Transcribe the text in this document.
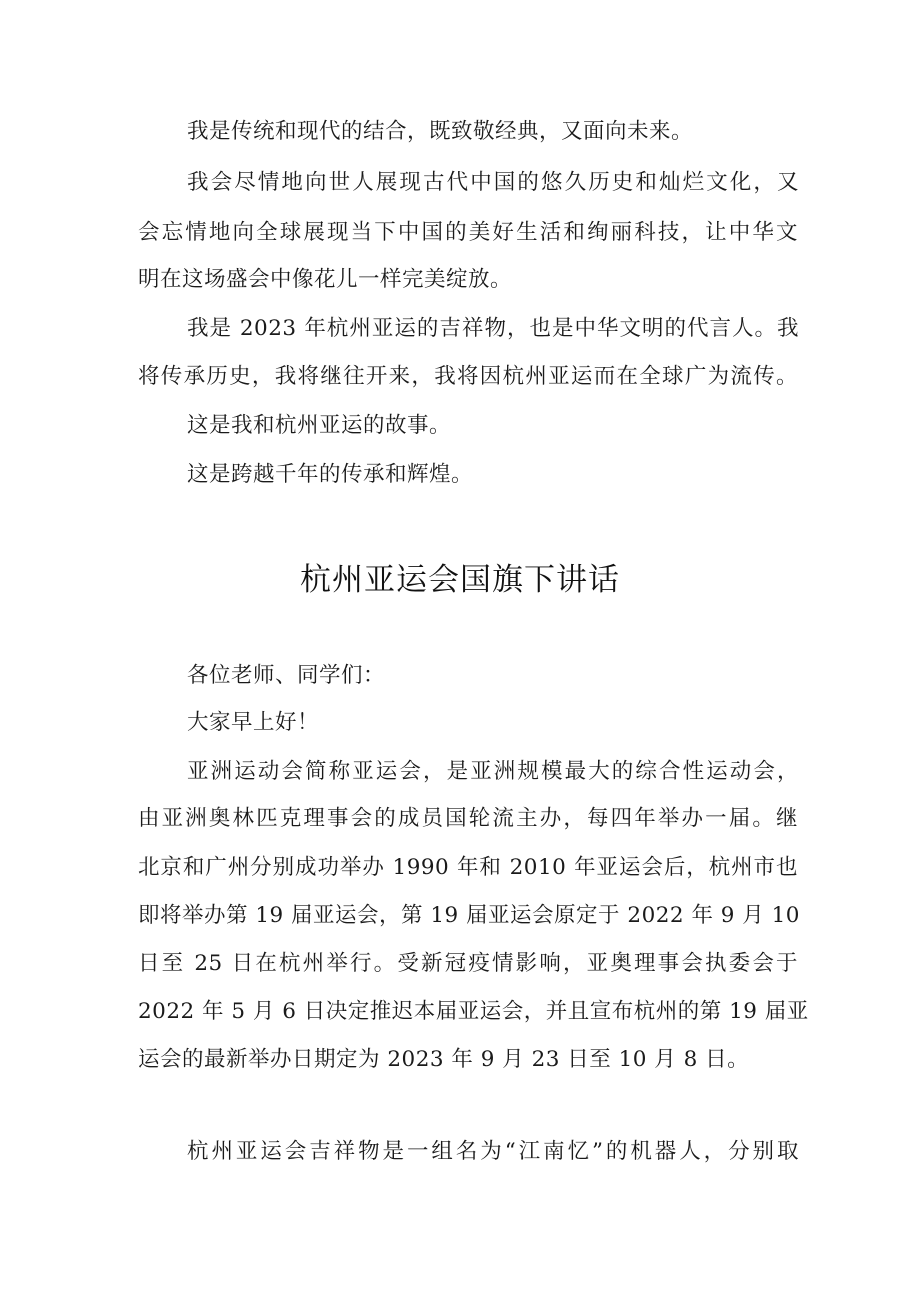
我是传统和现代的结合，既致敬经典，又面向未来。
我会尽情地向世人展现古代中国的悠久历史和灿烂文化，又
会忘情地向全球展现当下中国的美好生活和绚丽科技，让中华文
明在这场盛会中像花儿一样完美绽放。
我是 2023 年杭州亚运的吉祥物，也是中华文明的代言人。我
将传承历史，我将继往开来，我将因杭州亚运而在全球广为流传。
这是我和杭州亚运的故事。
这是跨越千年的传承和辉煌。
杭州亚运会国旗下讲话
各位老师、同学们：
大家早上好！
亚洲运动会简称亚运会，是亚洲规模最大的综合性运动会，
由亚洲奥林匹克理事会的成员国轮流主办，每四年举办一届。继
北京和广州分别成功举办 1990 年和 2010 年亚运会后，杭州市也
即将举办第 19 届亚运会，第 19 届亚运会原定于 2022 年 9 月 10
日至 25 日在杭州举行。受新冠疫情影响，亚奥理事会执委会于
2022 年 5 月 6 日决定推迟本届亚运会，并且宣布杭州的第 19 届亚
运会的最新举办日期定为 2023 年 9 月 23 日至 10 月 8 日。
杭州亚运会吉祥物是一组名为“江南忆”的机器人，分别取
